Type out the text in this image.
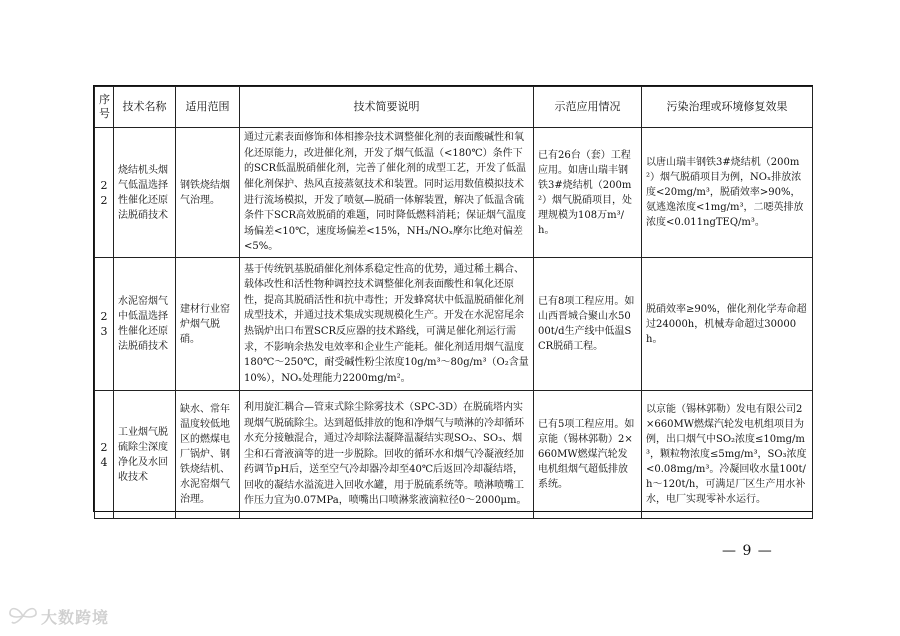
序号	技术名称	适用范围	技术简要说明	示范应用情况	污染治理或环境修复效果
22	烧结机头烟气低温选择性催化还原法脱硝技术	钢铁烧结烟气治理。	通过元素表面修饰和体相掺杂技术调整催化剂的表面酸碱性和氧化还原能力，改进催化剂，开发了烟气低温（<180℃）条件下的SCR低温脱硝催化剂，完善了催化剂的成型工艺，开发了低温催化剂保护、热风直接蒸氨技术和装置。同时运用数值模拟技术进行流场模拟，开发了喷氨—脱硝一体解装置，解决了低温含硫条件下SCR高效脱硝的难题，同时降低燃料消耗；保证烟气温度场偏差<10℃，速度场偏差<15%，NH₃/NOₓ摩尔比绝对偏差<5%。	已有26台（套）工程应用。如唐山瑞丰钢铁3#烧结机（200m²）烟气脱硝项目，处理规模为108万m³/h。	以唐山瑞丰钢铁3#烧结机（200m²）烟气脱硝项目为例，NOₓ排放浓度<20mg/m³，脱硝效率>90%，氨逃逸浓度<1mg/m³，二噁英排放浓度<0.011ngTEQ/m³。
23	水泥窑烟气中低温选择性催化还原法脱硝技术	建材行业窑炉烟气脱硝。	基于传统钒基脱硝催化剂体系稳定性高的优势，通过稀土耦合、载体改性和活性物种调控技术调整催化剂表面酸性和氧化还原性，提高其脱硝活性和抗中毒性；开发蜂窝状中低温脱硝催化剂成型技术，并通过技术集成实现规模化生产。开发在水泥窑尾余热锅炉出口布置SCR反应器的技术路线，可满足催化剂运行需求，不影响余热发电效率和企业生产能耗。催化剂适用烟气温度180℃～250℃，耐受碱性粉尘浓度10g/m³～80g/m³（O₂含量10%），NOₓ处理能力2200mg/m²。	已有8项工程应用。如山西晋城合聚山水5000t/d生产线中低温SCR脱硝工程。	脱硝效率≥90%，催化剂化学寿命超过24000h，机械寿命超过30000h。
24	工业烟气脱硫除尘深度净化及水回收技术	缺水、常年温度较低地区的燃煤电厂锅炉、钢铁烧结机、水泥窑烟气治理。	利用旋汇耦合—管束式除尘除雾技术（SPC-3D）在脱硫塔内实现烟气脱硫除尘。达到超低排放的饱和净烟气与喷淋的冷却循环水充分接触混合，通过冷却除法凝降温凝结实现SO₂、SO₃、烟尘和石膏液滴等的进一步脱除。回收的循环水和烟气冷凝液经加药调节pH后，送至空气冷却器冷却至40℃后返回冷却凝结塔，回收的凝结水溢流进入回收水罐，用于脱硫系统等。喷淋喷嘴工作压力宜为0.07MPa，喷嘴出口喷淋浆液滴粒径0～2000μm。	已有5项工程应用。如京能（锡林郭勒）2×660MW燃煤汽轮发电机组烟气超低排放系统。	以京能（锡林郭勒）发电有限公司2×660MW燃煤汽轮发电机组项目为例，出口烟气中SO₂浓度≤10mg/m³，颗粒物浓度≤5mg/m³，SO₃浓度<0.08mg/m³。冷凝回收水量100t/h～120t/h，可满足厂区生产用水补水，电厂实现零补水运行。
— 9 —
大数跨境
